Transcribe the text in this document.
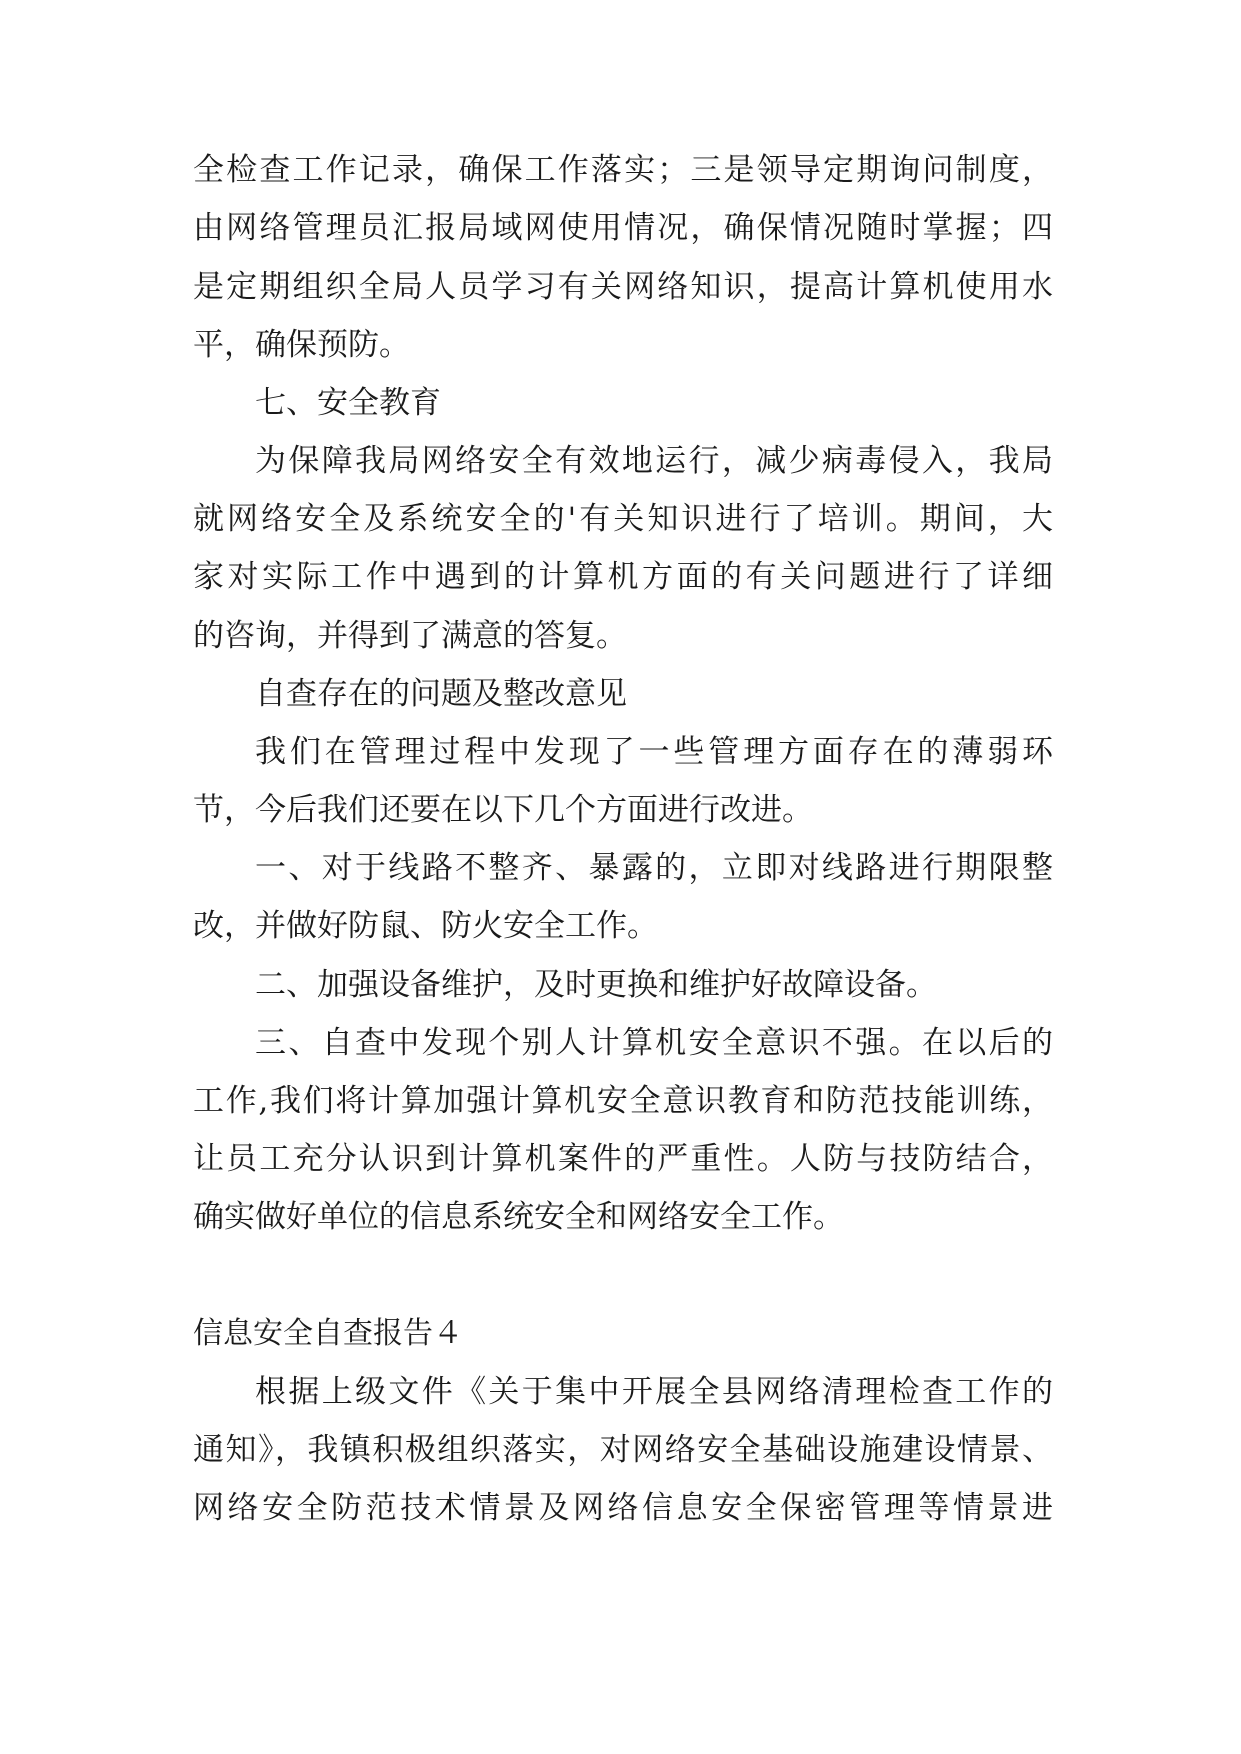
全检查工作记录，确保工作落实；三是领导定期询问制度，
由网络管理员汇报局域网使用情况，确保情况随时掌握；四
是定期组织全局人员学习有关网络知识，提高计算机使用水
平，确保预防。
七、安全教育
为保障我局网络安全有效地运行，减少病毒侵入，我局
就网络安全及系统安全的'有关知识进行了培训。期间，大
家对实际工作中遇到的计算机方面的有关问题进行了详细
的咨询，并得到了满意的答复。
自查存在的问题及整改意见
我们在管理过程中发现了一些管理方面存在的薄弱环
节，今后我们还要在以下几个方面进行改进。
一、对于线路不整齐、暴露的，立即对线路进行期限整
改，并做好防鼠、防火安全工作。
二、加强设备维护，及时更换和维护好故障设备。
三、自查中发现个别人计算机安全意识不强。在以后的
工作,我们将计算加强计算机安全意识教育和防范技能训练，
让员工充分认识到计算机案件的严重性。人防与技防结合，
确实做好单位的信息系统安全和网络安全工作。
信息安全自查报告４
根据上级文件《关于集中开展全县网络清理检查工作的
通知》，我镇积极组织落实，对网络安全基础设施建设情景、
网络安全防范技术情景及网络信息安全保密管理等情景进
